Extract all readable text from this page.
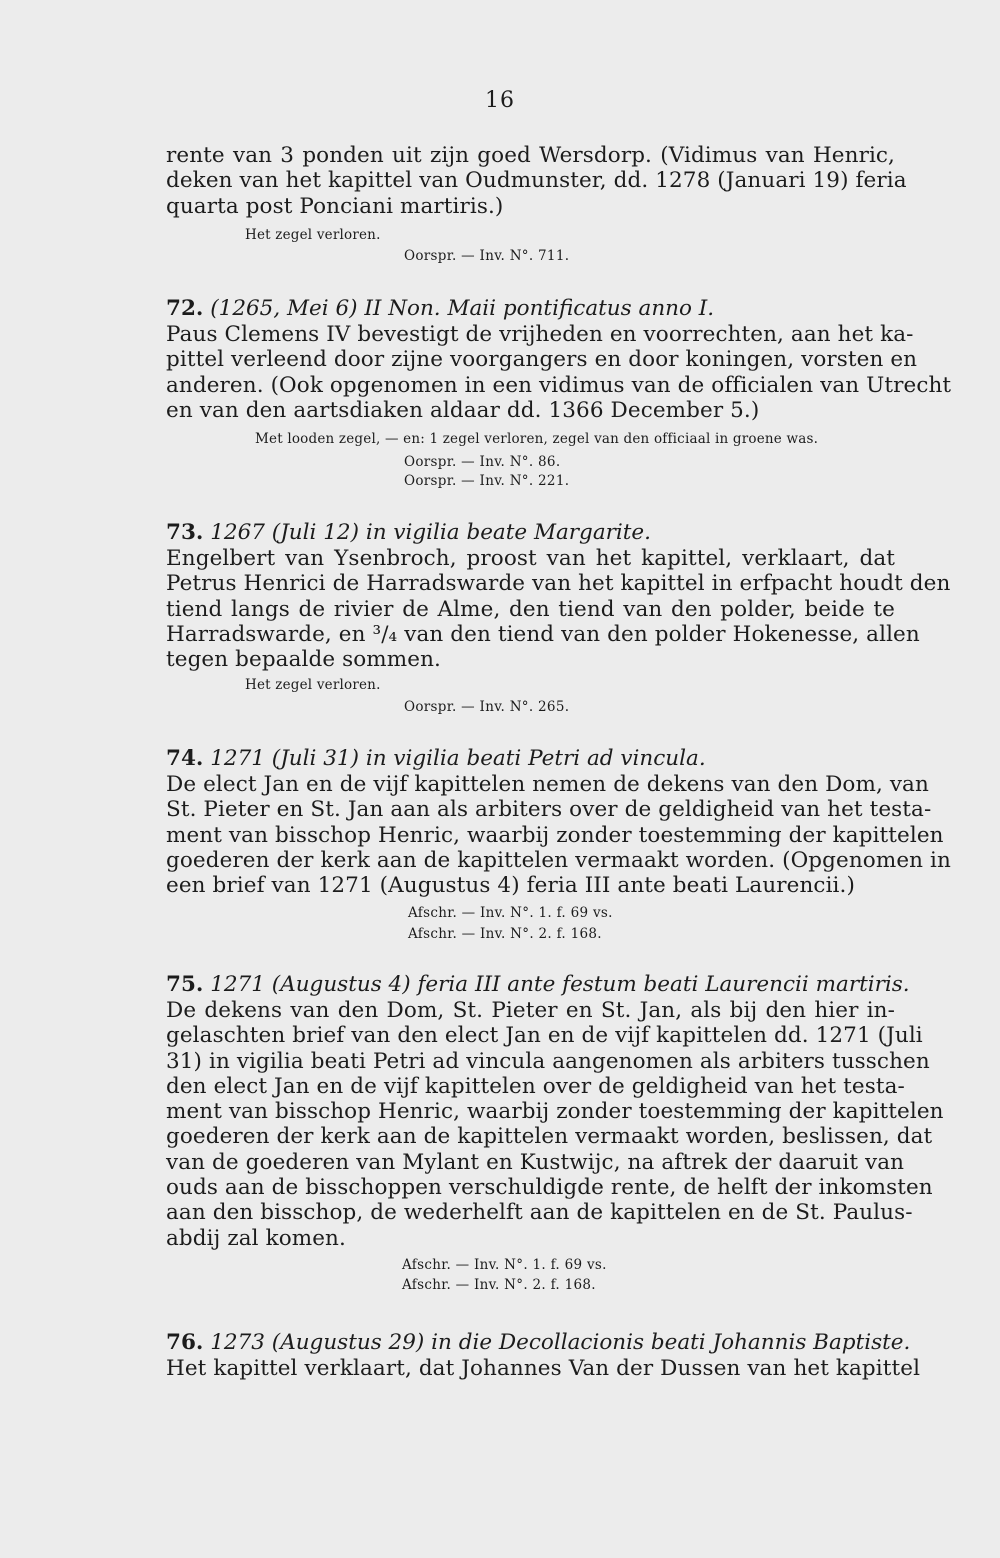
16
rente van 3 ponden uit zijn goed Wersdorp. (Vidimus van Henric,
deken van het kapittel van Oudmunster, dd. 1278 (Januari 19) feria
quarta post Ponciani martiris.)
Het zegel verloren.
Oorspr. — Inv. N°. 711.
72. (1265, Mei 6) II Non. Maii pontificatus anno I.
Paus Clemens IV bevestigt de vrijheden en voorrechten, aan het ka-
pittel verleend door zijne voorgangers en door koningen, vorsten en
anderen. (Ook opgenomen in een vidimus van de officialen van Utrecht
en van den aartsdiaken aldaar dd. 1366 December 5.)
Met looden zegel, — en: 1 zegel verloren, zegel van den officiaal in groene was.
Oorspr. — Inv. N°. 86.
Oorspr. — Inv. N°. 221.
73. 1267 (Juli 12) in vigilia beate Margarite.
Engelbert van Ysenbroch, proost van het kapittel, verklaart, dat
Petrus Henrici de Harradswarde van het kapittel in erfpacht houdt den
tiend langs de rivier de Alme, den tiend van den polder, beide te
Harradswarde, en ³/₄ van den tiend van den polder Hokenesse, allen
tegen bepaalde sommen.
Het zegel verloren.
Oorspr. — Inv. N°. 265.
74. 1271 (Juli 31) in vigilia beati Petri ad vincula.
De elect Jan en de vijf kapittelen nemen de dekens van den Dom, van
St. Pieter en St. Jan aan als arbiters over de geldigheid van het testa-
ment van bisschop Henric, waarbij zonder toestemming der kapittelen
goederen der kerk aan de kapittelen vermaakt worden. (Opgenomen in
een brief van 1271 (Augustus 4) feria III ante beati Laurencii.)
Afschr. — Inv. N°. 1. f. 69 vs.
Afschr. — Inv. N°. 2. f. 168.
75. 1271 (Augustus 4) feria III ante festum beati Laurencii martiris.
De dekens van den Dom, St. Pieter en St. Jan, als bij den hier in-
gelaschten brief van den elect Jan en de vijf kapittelen dd. 1271 (Juli
31) in vigilia beati Petri ad vincula aangenomen als arbiters tusschen
den elect Jan en de vijf kapittelen over de geldigheid van het testa-
ment van bisschop Henric, waarbij zonder toestemming der kapittelen
goederen der kerk aan de kapittelen vermaakt worden, beslissen, dat
van de goederen van Mylant en Kustwijc, na aftrek der daaruit van
ouds aan de bisschoppen verschuldigde rente, de helft der inkomsten
aan den bisschop, de wederhelft aan de kapittelen en de St. Paulus-
abdij zal komen.
Afschr. — Inv. N°. 1. f. 69 vs.
Afschr. — Inv. N°. 2. f. 168.
76. 1273 (Augustus 29) in die Decollacionis beati Johannis Baptiste.
Het kapittel verklaart, dat Johannes Van der Dussen van het kapittel
